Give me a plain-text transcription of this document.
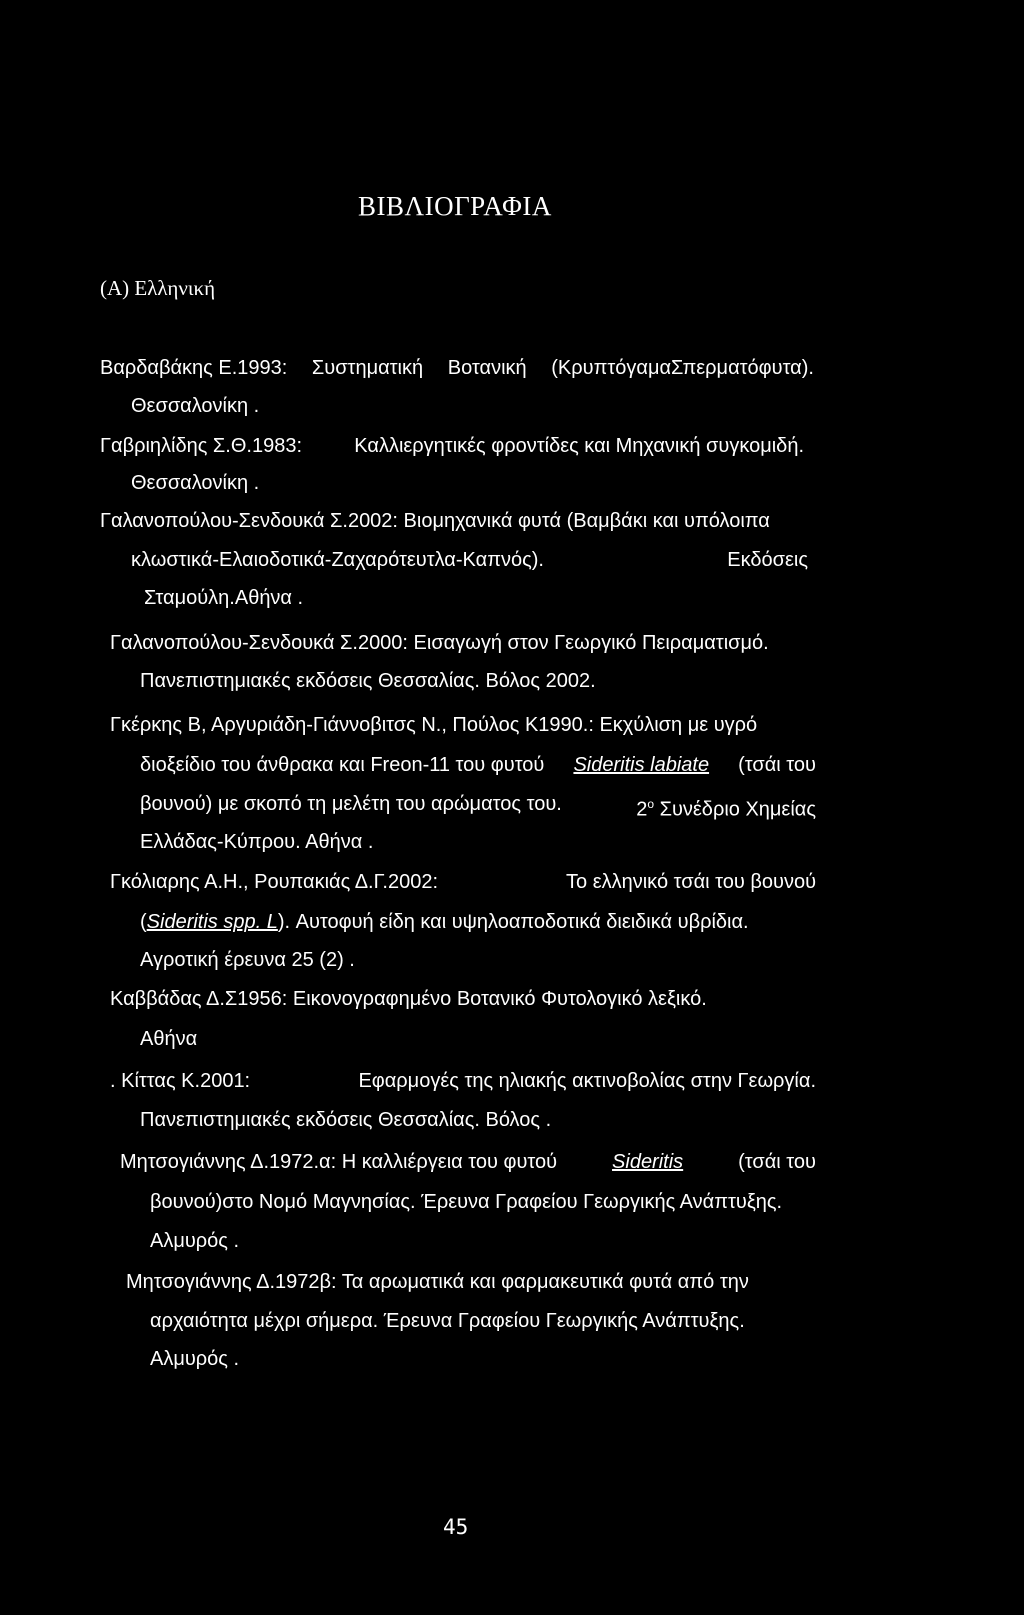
ΒΙΒΛΙΟΓΡΑΦΙΑ
(Α) Ελληνική
Βαρδαβάκης Ε.1993: Συστηματική Βοτανική (ΚρυπτόγαμαΣπερματόφυτα).
Θεσσαλονίκη .
Γαβριηλίδης Σ.Θ.1983:	Καλλιεργητικές φροντίδες και Μηχανική συγκομιδή.
Θεσσαλονίκη .
Γαλανοπούλου-Σενδουκά Σ.2002: Βιομηχανικά φυτά (Βαμβάκι και υπόλοιπα
κλωστικά-Ελαιοδοτικά-Ζαχαρότευτλα-Καπνός).	Εκδόσεις
Σταμούλη.Αθήνα .
Γαλανοπούλου-Σενδουκά Σ.2000: Εισαγωγή στον Γεωργικό Πειραματισμό.
Πανεπιστημιακές εκδόσεις Θεσσαλίας. Βόλος 2002.
Γκέρκης Β, Αργυριάδη-Γιάννοβιτσς Ν., Πούλος Κ1990.: Εκχύλιση με υγρό
διοξείδιο του άνθρακα και Freon-11 του φυτού Sideritis labiate (τσάι του
βουνού) με σκοπό τη μελέτη του αρώματος του.	$2^o$ Συνέδριο Χημείας
Ελλάδας-Κύπρου. Αθήνα .
Γκόλιαρης Α.Η., Ρουπακιάς Δ.Γ.2002:	Το ελληνικό τσάι του βουνού
(Sideritis spp. L). Αυτοφυή είδη και υψηλοαποδοτικά διειδικά υβρίδια.
Αγροτική έρευνα 25 (2) .
Καββάδας Δ.Σ1956: Εικονογραφημένο Βοτανικό Φυτολογικό λεξικό.
Αθήνα
. Κίττας Κ.2001:	Εφαρμογές της ηλιακής ακτινοβολίας στην Γεωργία.
Πανεπιστημιακές εκδόσεις Θεσσαλίας. Βόλος .
Μητσογιάννης Δ.1972.α: Η καλλιέργεια του φυτού	Sideritis	(τσάι του
βουνού)στο Νομό Μαγνησίας. Έρευνα Γραφείου Γεωργικής Ανάπτυξης.
Αλμυρός .
Μητσογιάννης Δ.1972β: Τα αρωματικά και φαρμακευτικά φυτά από την
αρχαιότητα μέχρι σήμερα. Έρευνα Γραφείου Γεωργικής Ανάπτυξης.
Αλμυρός .
45
